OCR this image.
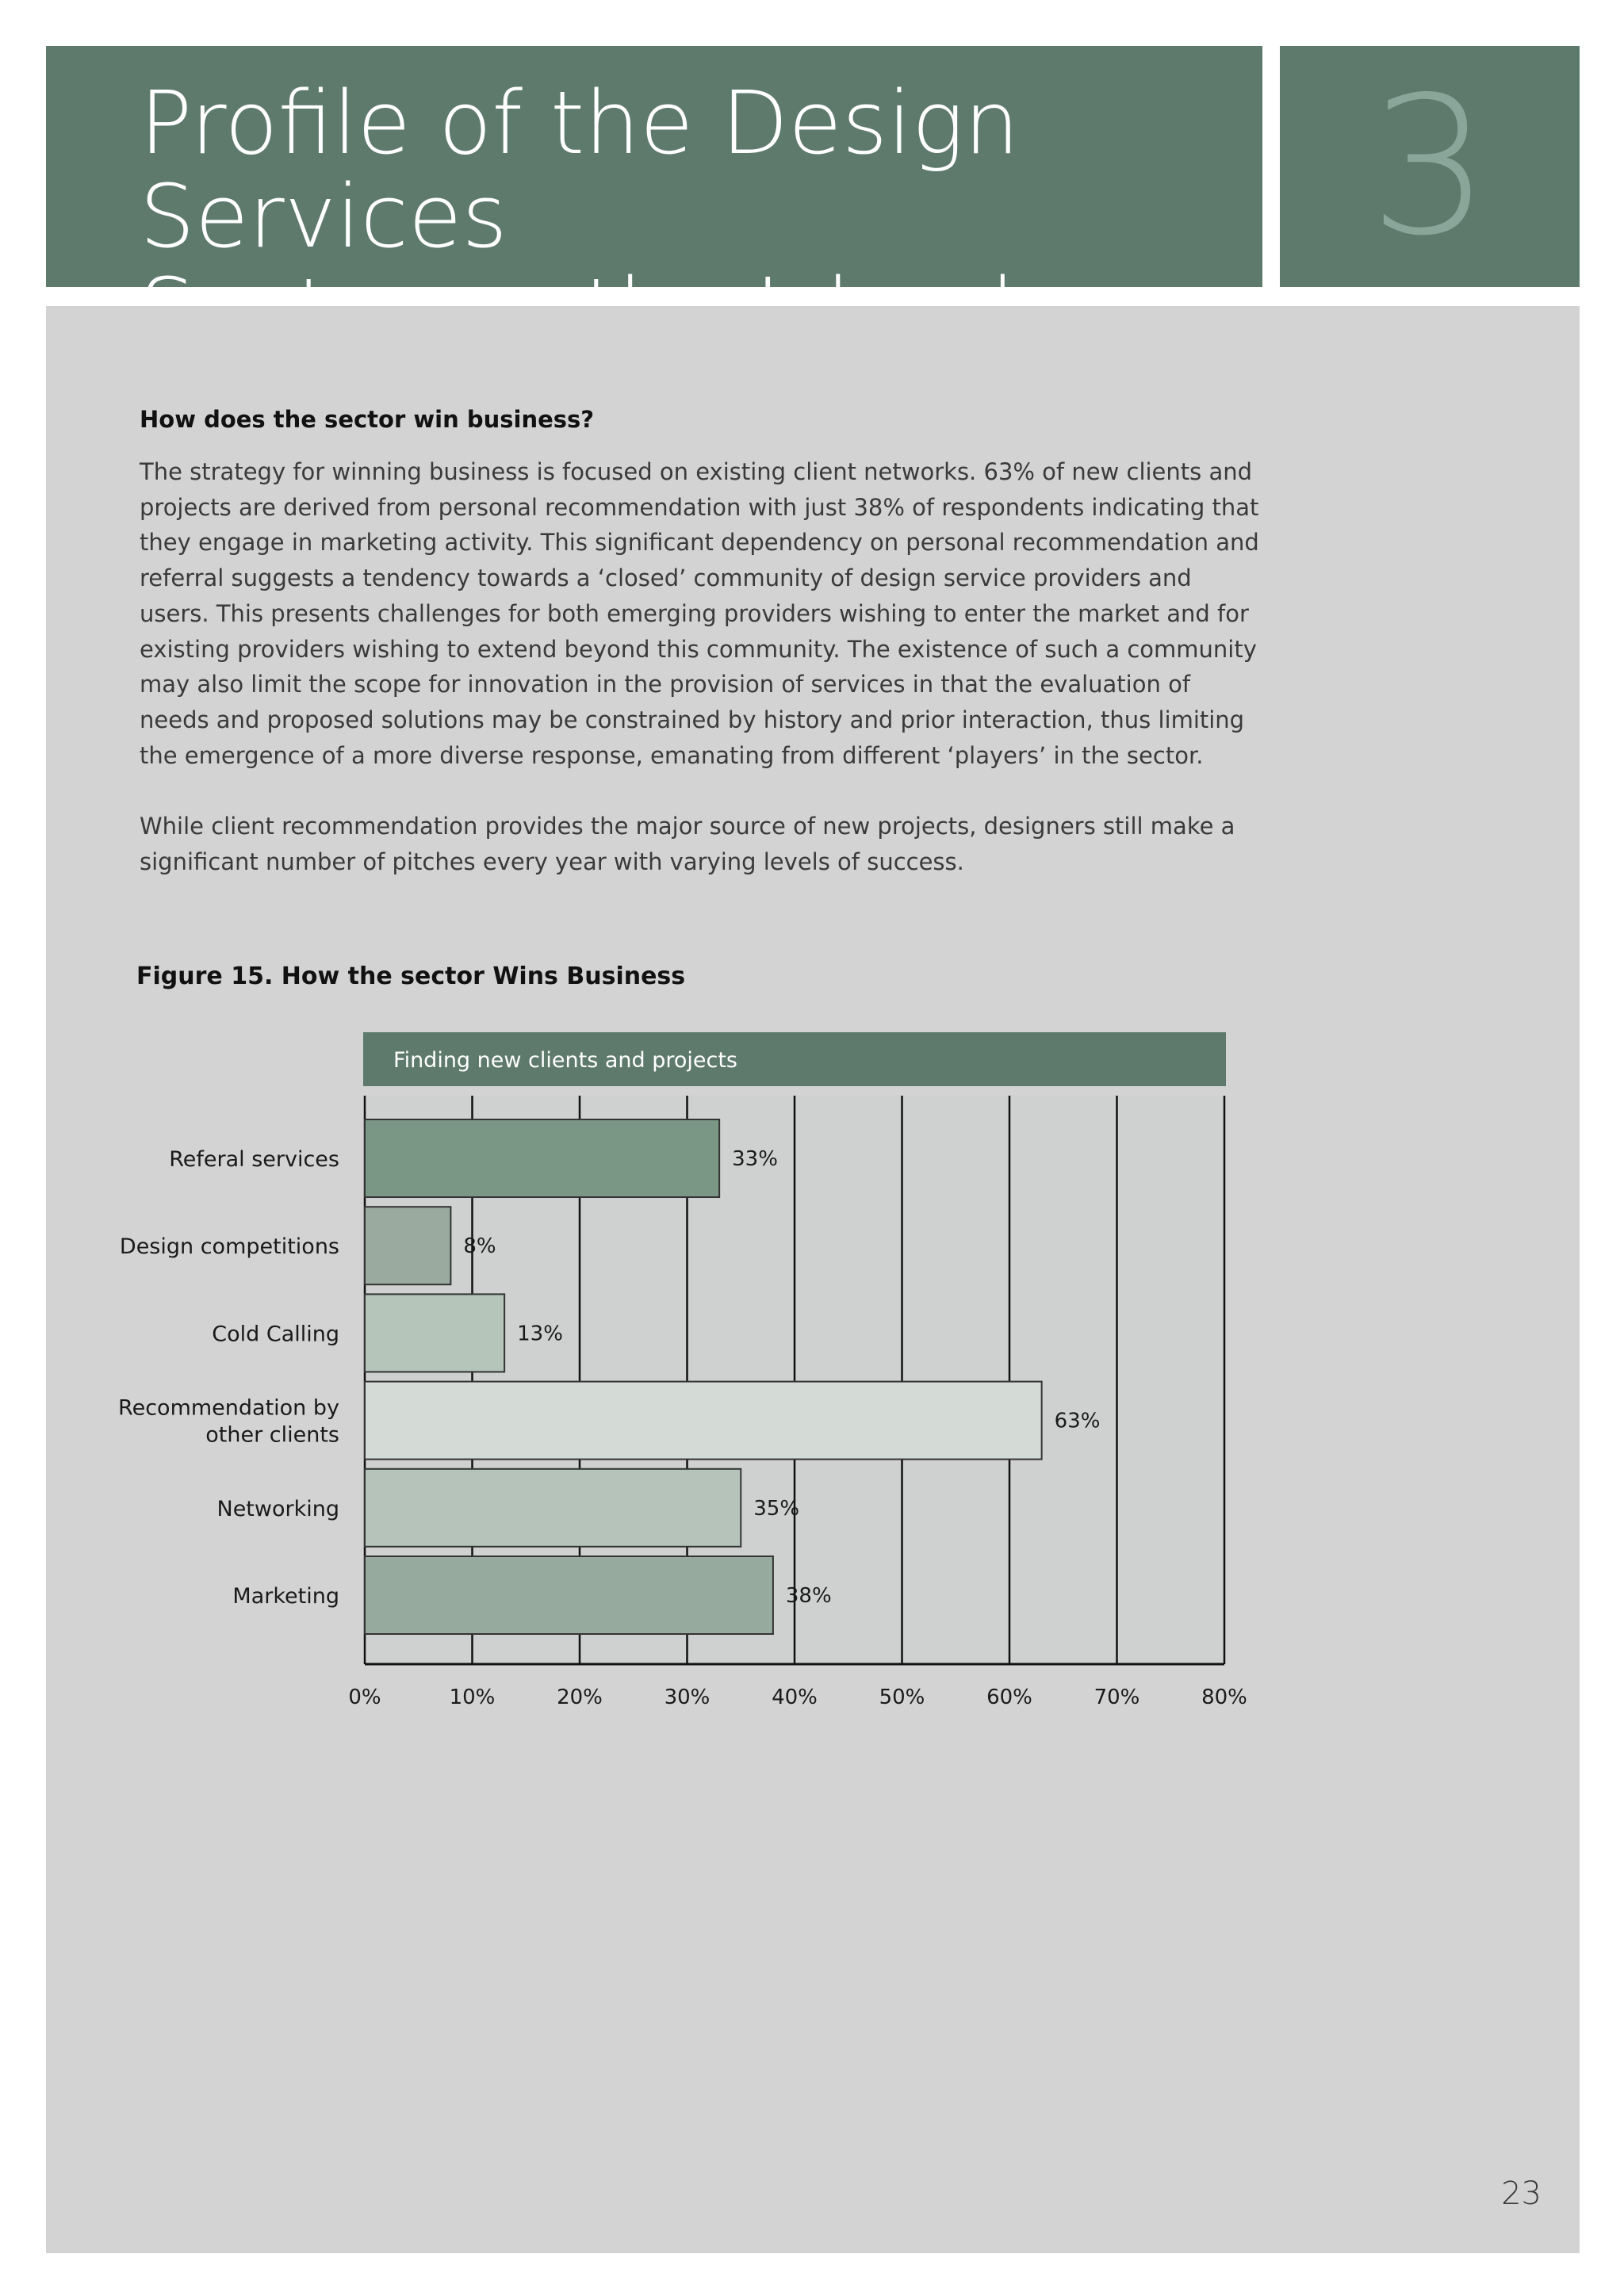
Profile of the Design Services	3
How does the sector win business?

The strategy for winning business is focused on existing client networks. 63% of new clients and projects are derived from personal recommendation with just 38% of respondents indicating that they engage in marketing activity. This significant dependency on personal recommendation and referral suggests a tendency towards a ‘closed’ community of design service providers and users. This presents challenges for both emerging providers wishing to enter the market and for existing providers wishing to extend beyond this community. The existence of such a community may also limit the scope for innovation in the provision of services in that the evaluation of needs and proposed solutions may be constrained by history and prior interaction, thus limiting the emergence of a more diverse response, emanating from different ‘players’ in the sector.

While client recommendation provides the major source of new projects, designers still make a significant number of pitches every year with varying levels of success.

Figure 15. How the sector Wins Business
Finding new clients and projects
33%
8%
13%
63%
35%
38%
0%	10%	20%	30%	40%	50%	60%	70%	80%
Referal services
Design competitions
Cold Calling
Recommendation by other clients
Networking
Marketing
23
